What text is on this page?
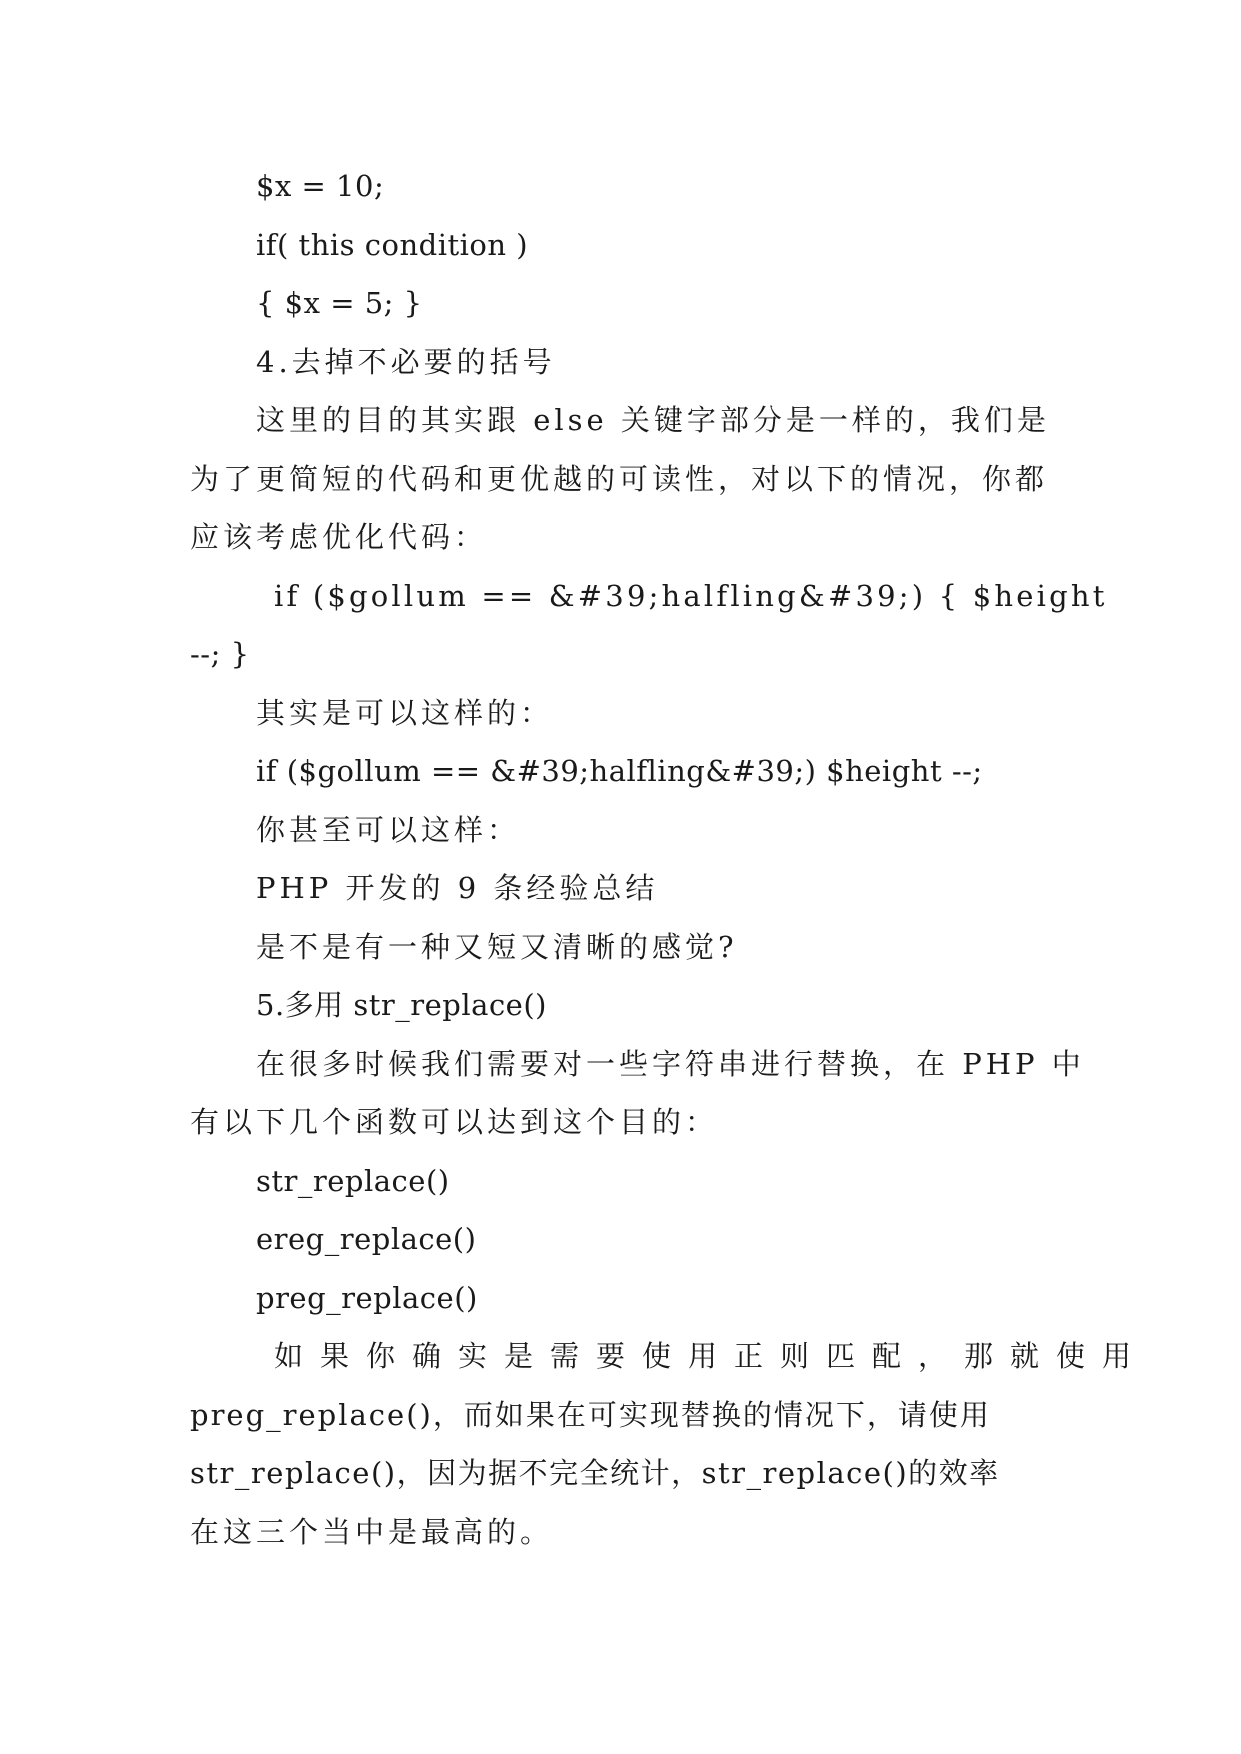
$x = 10;
if( this condition )
{ $x = 5; }
4.去掉不必要的括号
这里的目的其实跟 else 关键字部分是一样的，我们是
为了更简短的代码和更优越的可读性，对以下的情况，你都
应该考虑优化代码：
if ($gollum == &#39;halfling&#39;) { $height
--; }
其实是可以这样的：
if ($gollum == &#39;halfling&#39;) $height --;
你甚至可以这样：
PHP 开发的 9 条经验总结
是不是有一种又短又清晰的感觉?
5.多用 str_replace()
在很多时候我们需要对一些字符串进行替换，在 PHP 中
有以下几个函数可以达到这个目的：
str_replace()
ereg_replace()
preg_replace()
如果你确实是需要使用正则匹配，那就使用
preg_replace()，而如果在可实现替换的情况下，请使用
str_replace()，因为据不完全统计，str_replace()的效率
在这三个当中是最高的。
